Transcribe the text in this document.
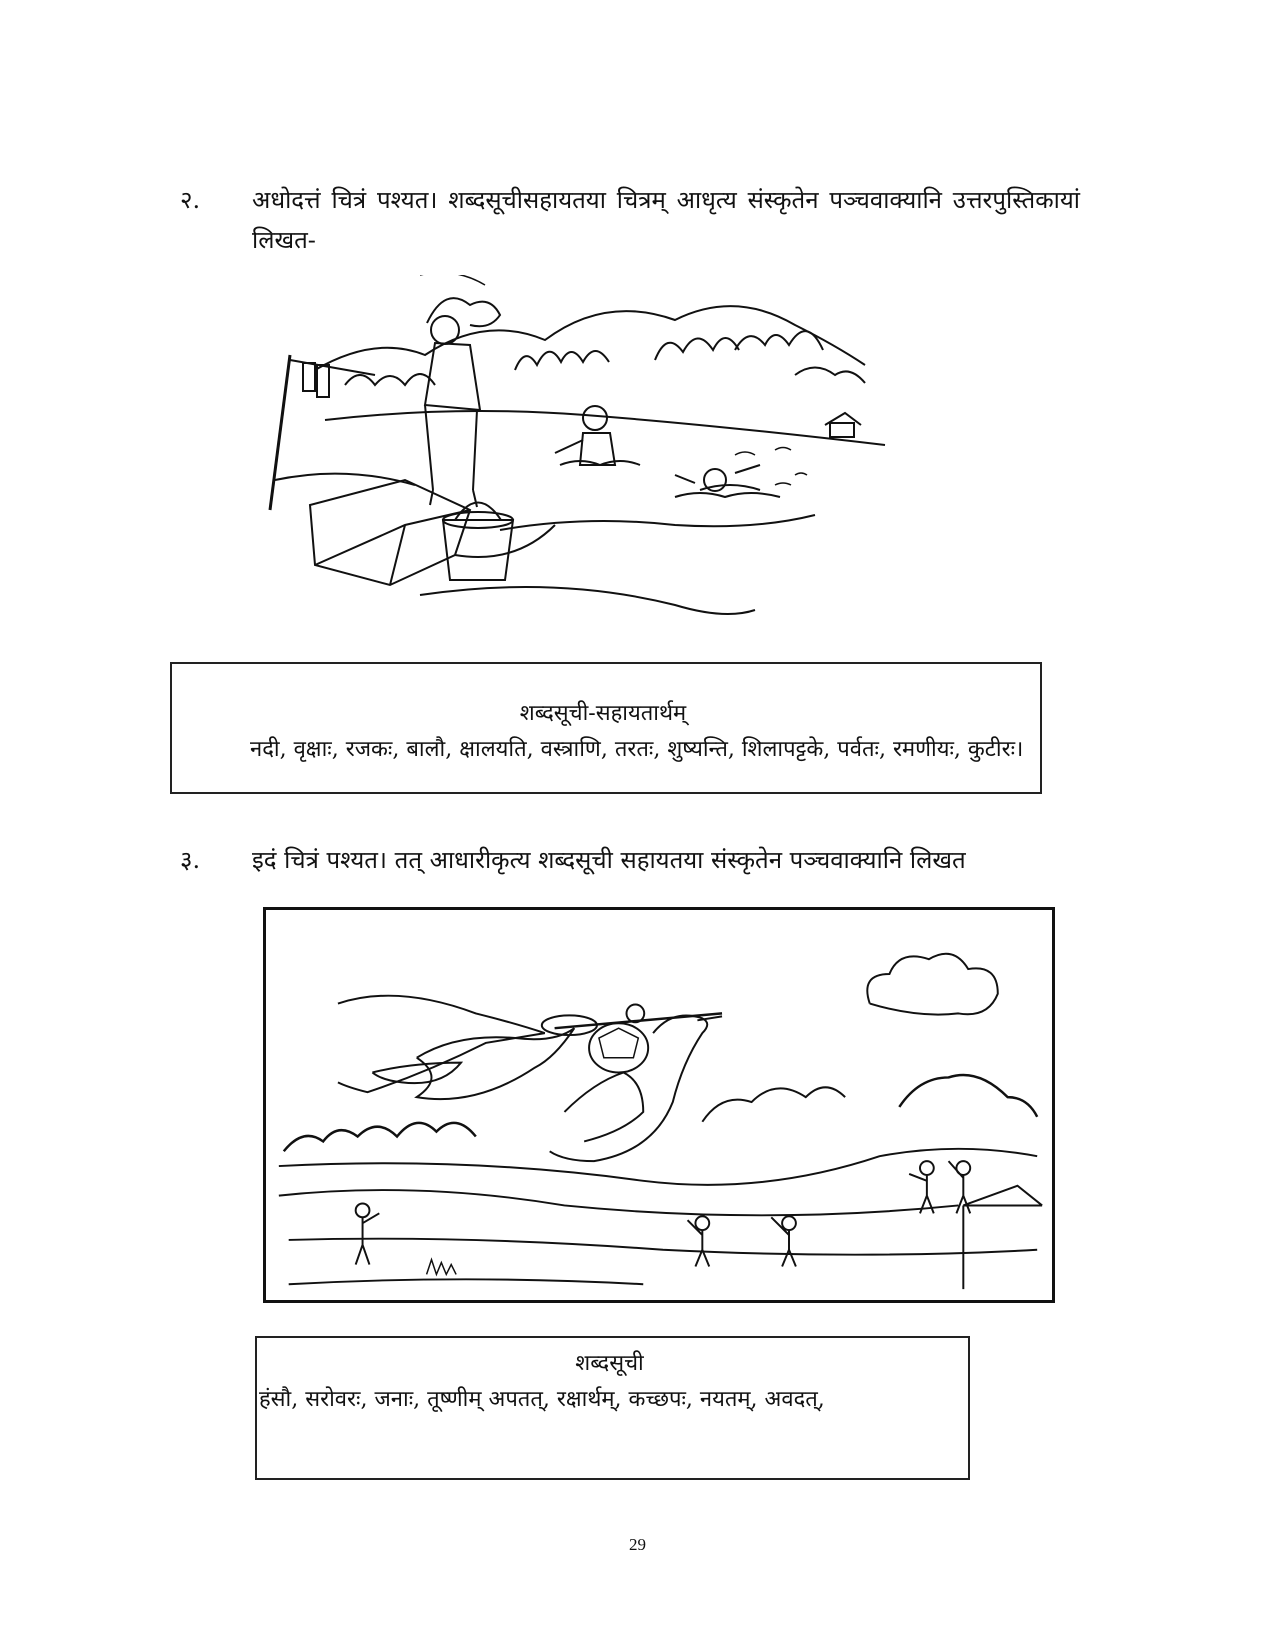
२.	अधोदत्तं चित्रं पश्यत। शब्दसूचीसहायतया चित्रम् आधृत्य संस्कृतेन पञ्चवाक्यानि उत्तरपुस्तिकायां लिखत-
शब्दसूची-सहायतार्थम्
नदी, वृक्षाः, रजकः, बालौ, क्षालयति, वस्त्राणि, तरतः, शुष्यन्ति, शिलापट्टके, पर्वतः, रमणीयः, कुटीरः।
३.	इदं चित्रं पश्यत। तत् आधारीकृत्य शब्दसूची सहायतया संस्कृतेन पञ्चवाक्यानि लिखत
शब्दसूची
हंसौ, सरोवरः, जनाः, तूष्णीम् अपतत्, रक्षार्थम्, कच्छपः, नयतम्, अवदत्,
29
